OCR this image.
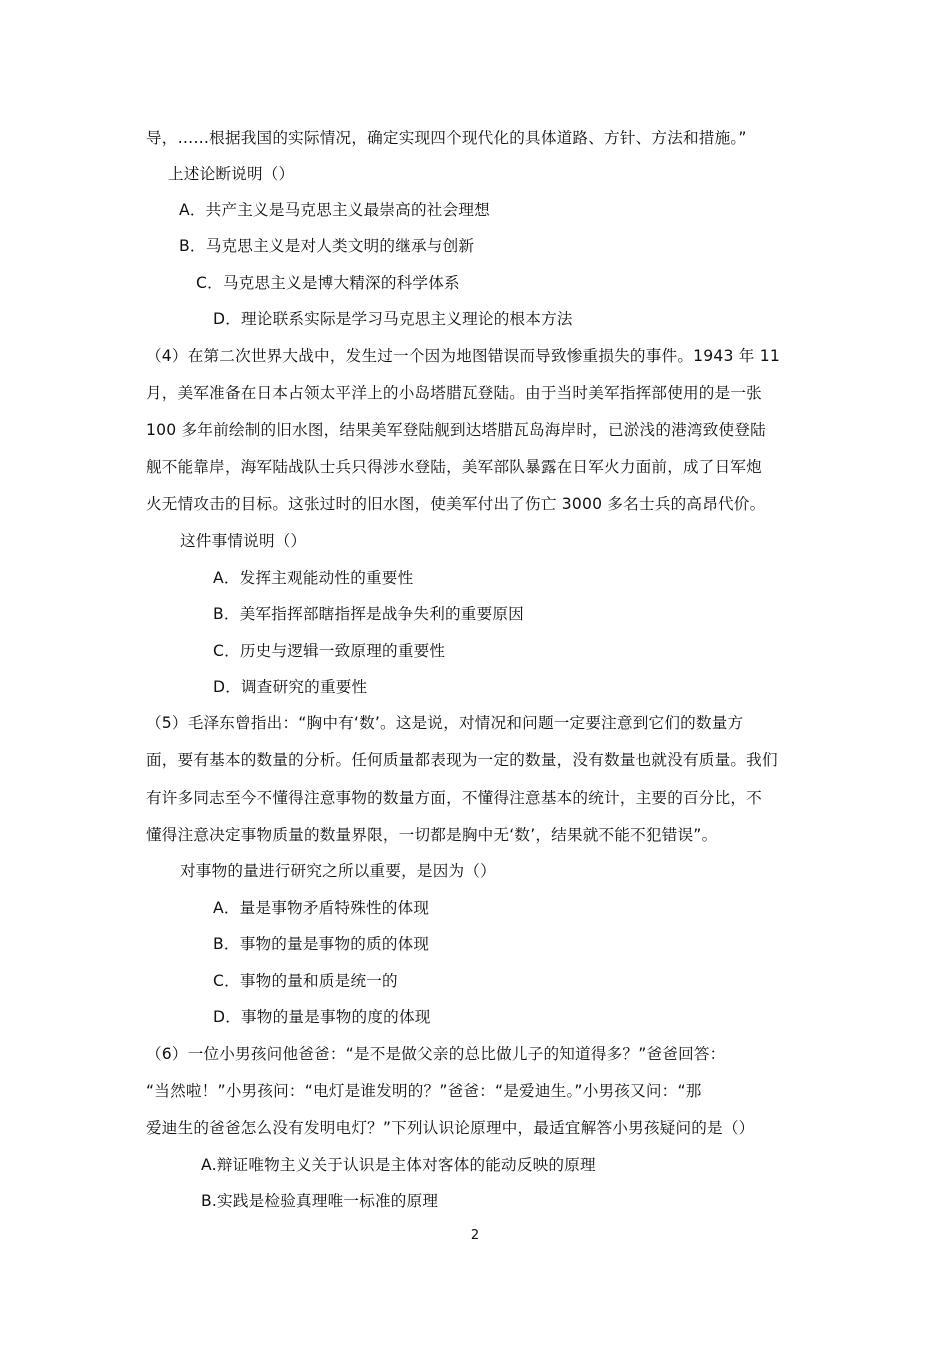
导，……根据我国的实际情况，确定实现四个现代化的具体道路、方针、方法和措施。”
上述论断说明（）
A．共产主义是马克思主义最崇高的社会理想
B．马克思主义是对人类文明的继承与创新
C．马克思主义是博大精深的科学体系
D．理论联系实际是学习马克思主义理论的根本方法
（4）在第二次世界大战中，发生过一个因为地图错误而导致惨重损失的事件。1943 年 11
月，美军准备在日本占领太平洋上的小岛塔腊瓦登陆。由于当时美军指挥部使用的是一张
100 多年前绘制的旧水图，结果美军登陆舰到达塔腊瓦岛海岸时，已淤浅的港湾致使登陆
舰不能靠岸，海军陆战队士兵只得涉水登陆，美军部队暴露在日军火力面前，成了日军炮
火无情攻击的目标。这张过时的旧水图，使美军付出了伤亡 3000 多名士兵的高昂代价。
这件事情说明（）
A．发挥主观能动性的重要性
B．美军指挥部瞎指挥是战争失利的重要原因
C．历史与逻辑一致原理的重要性
D．调查研究的重要性
（5）毛泽东曾指出：“胸中有‘数’。这是说，对情况和问题一定要注意到它们的数量方
面，要有基本的数量的分析。任何质量都表现为一定的数量，没有数量也就没有质量。我们
有许多同志至今不懂得注意事物的数量方面，不懂得注意基本的统计，主要的百分比，不
懂得注意决定事物质量的数量界限，一切都是胸中无‘数’，结果就不能不犯错误”。
对事物的量进行研究之所以重要，是因为（）
A．量是事物矛盾特殊性的体现
B．事物的量是事物的质的体现
C．事物的量和质是统一的
D．事物的量是事物的度的体现
（6）一位小男孩问他爸爸：“是不是做父亲的总比做儿子的知道得多？”爸爸回答：
“当然啦！”小男孩问：“电灯是谁发明的？”爸爸：“是爱迪生。”小男孩又问：“那
爱迪生的爸爸怎么没有发明电灯？”下列认识论原理中，最适宜解答小男孩疑问的是（）
A.辩证唯物主义关于认识是主体对客体的能动反映的原理
B.实践是检验真理唯一标准的原理
2
